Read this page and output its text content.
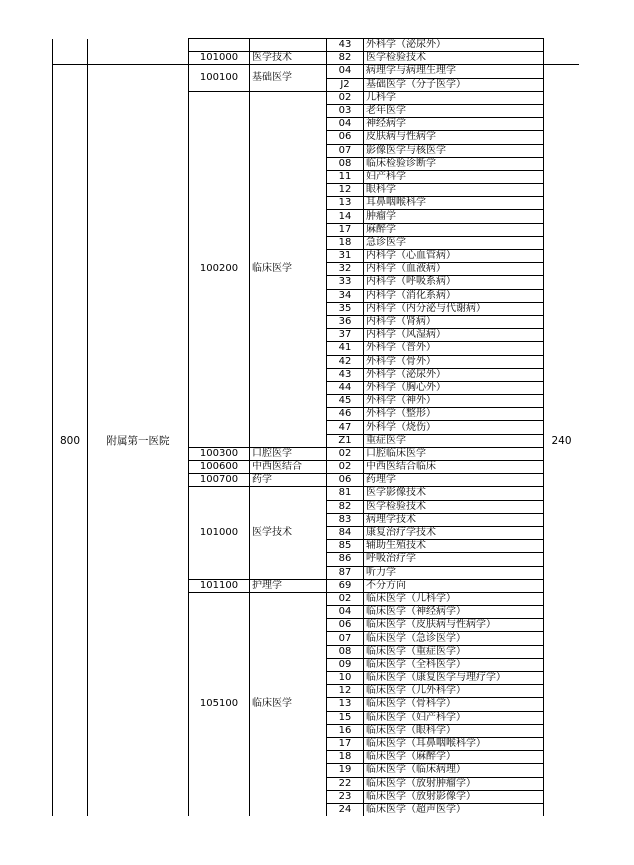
				43	外科学（泌尿外）	
		101000	医学技术	82	医学检验技术	
800	附属第一医院	100100	基础医学	04	病理学与病理生理学	240
				J2	基础医学（分子医学）	
		100200	临床医学	02	儿科学	
				03	老年医学	
				04	神经病学	
				06	皮肤病与性病学	
				07	影像医学与核医学	
				08	临床检验诊断学	
				11	妇产科学	
				12	眼科学	
				13	耳鼻咽喉科学	
				14	肿瘤学	
				17	麻醉学	
				18	急诊医学	
				31	内科学（心血管病）	
				32	内科学（血液病）	
				33	内科学（呼吸系病）	
				34	内科学（消化系病）	
				35	内科学（内分泌与代谢病）	
				36	内科学（肾病）	
				37	内科学（风湿病）	
				41	外科学（普外）	
				42	外科学（骨外）	
				43	外科学（泌尿外）	
				44	外科学（胸心外）	
				45	外科学（神外）	
				46	外科学（整形）	
				47	外科学（烧伤）	
				Z1	重症医学	
		100300	口腔医学	02	口腔临床医学	
		100600	中西医结合	02	中西医结合临床	
		100700	药学	06	药理学	
		101000	医学技术	81	医学影像技术	
				82	医学检验技术	
				83	病理学技术	
				84	康复治疗学技术	
				85	辅助生殖技术	
				86	呼吸治疗学	
				87	听力学	
		101100	护理学	69	不分方向	
		105100	临床医学	02	临床医学（儿科学）	
				04	临床医学（神经病学）	
				06	临床医学（皮肤病与性病学）	
				07	临床医学（急诊医学）	
				08	临床医学（重症医学）	
				09	临床医学（全科医学）	
				10	临床医学（康复医学与理疗学）	
				12	临床医学（儿外科学）	
				13	临床医学（骨科学）	
				15	临床医学（妇产科学）	
				16	临床医学（眼科学）	
				17	临床医学（耳鼻咽喉科学）	
				18	临床医学（麻醉学）	
				19	临床医学（临床病理）	
				22	临床医学（放射肿瘤学）	
				23	临床医学（放射影像学）	
				24	临床医学（超声医学）	
